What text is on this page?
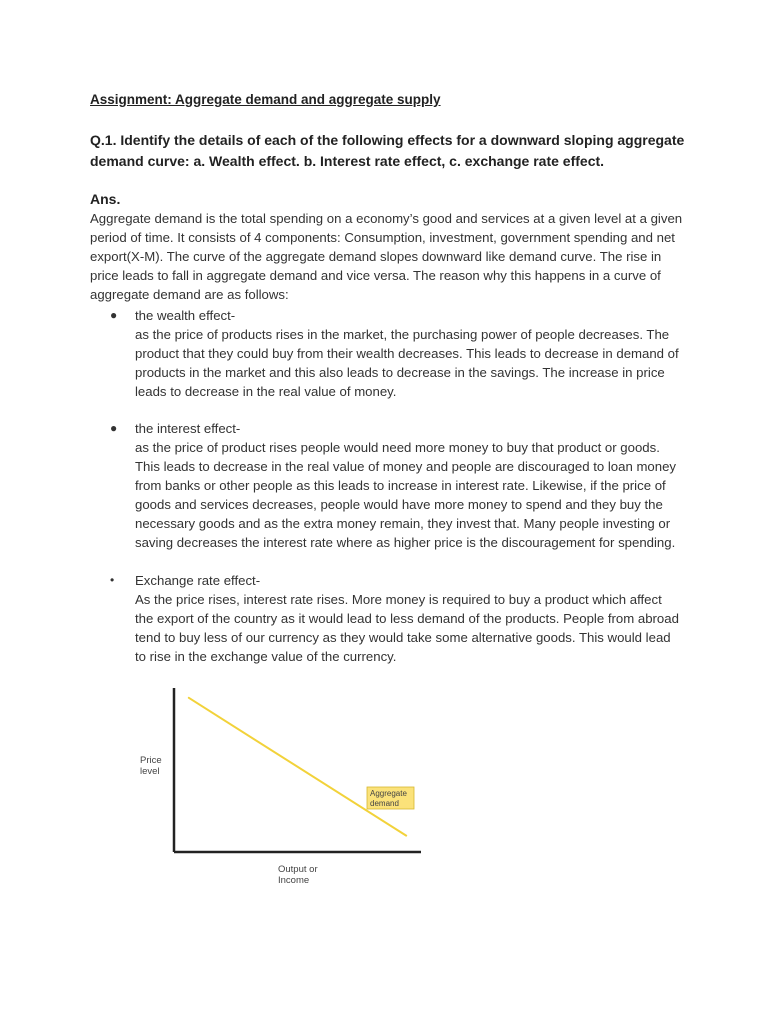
Assignment: Aggregate demand and aggregate supply
Q.1. Identify the details of each of the following effects for a downward sloping aggregate demand curve: a. Wealth effect. b. Interest rate effect, c. exchange rate effect.
Ans.
Aggregate demand is the total spending on a economy’s good and services at a given level at a given period of time. It consists of 4 components: Consumption, investment, government spending and net export(X-M). The curve of the aggregate demand slopes downward like demand curve. The rise in price leads to fall in aggregate demand and vice versa. The reason why this happens in a curve of aggregate demand are as follows:
● the wealth effect-
as the price of products rises in the market, the purchasing power of people decreases. The product that they could buy from their wealth decreases. This leads to decrease in demand of products in the market and this also leads to decrease in the savings. The increase in price leads to decrease in the real value of money.
● the interest effect-
as the price of product rises people would need more money to buy that product or goods. This leads to decrease in the real value of money and people are discouraged to loan money from banks or other people as this leads to increase in interest rate. Likewise, if the price of goods and services decreases, people would have more money to spend and they buy the necessary goods and as the extra money remain, they invest that. Many people investing or saving decreases the interest rate where as higher price is the discouragement for spending.
• Exchange rate effect-
As the price rises, interest rate rises. More money is required to buy a product which affect the export of the country as it would lead to less demand of the products. People from abroad tend to buy less of our currency as they would take some alternative goods. This would lead to rise in the exchange value of the currency.
Price
level
Output or
Income
Aggregate
demand
